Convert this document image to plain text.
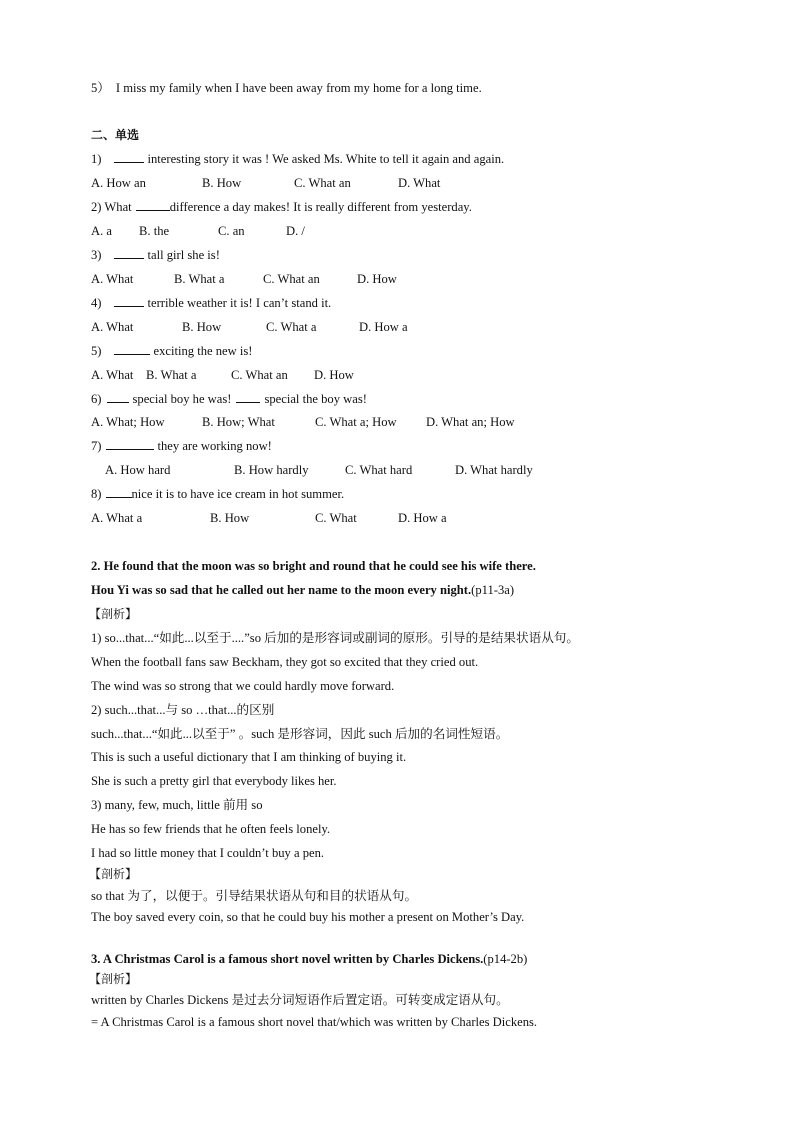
5） I miss my family when I have been away from my home for a long time.
二、单选
1)	interesting story it was ! We asked Ms. White to tell it again and again.
A. How an	B. How	C. What an	D. What
2) What	difference a day makes! It is really different from yesterday.
A. a B. the	C. an	D. /
3)	tall girl she is!
A. What	B. What a	C. What an	D. How
4)	terrible weather it is! I can’t stand it.
A. What	B. How	C. What a	D. How a
5)	exciting the new is!
A. What B. What a	C. What an D. How
6) special boy he was!	special the boy was!
A. What; How	B. How; What	C. What a; How D. What an; How
7)	they are working now!
A. How hard	B. How hardly	C. What hard	D. What hardly
8) nice it is to have ice cream in hot summer.
A. What a	B. How	C. What	D. How a
2. He found that the moon was so bright and round that he could see his wife there.
Hou Yi was so sad that he called out her name to the moon every night.(p11-3a)
【剖析】
1) so...that...“如此...以至于....”so 后加的是形容词或副词的原形。引导的是结果状语从句。
When the football fans saw Beckham, they got so excited that they cried out.
The wind was so strong that we could hardly move forward.
2) such...that...与 so …that...的区别
such...that...“如此...以至于” 。such 是形容词，因此 such 后加的名词性短语。
This is such a useful dictionary that I am thinking of buying it.
She is such a pretty girl that everybody likes her.
3) many, few, much, little 前用 so
He has so few friends that he often feels lonely.
I had so little money that I couldn’t buy a pen.
【剖析】
so that 为了，以便于。引导结果状语从句和目的状语从句。
The boy saved every coin, so that he could buy his mother a present on Mother’s Day.
3. A Christmas Carol is a famous short novel written by Charles Dickens.(p14-2b)
【剖析】
written by Charles Dickens 是过去分词短语作后置定语。可转变成定语从句。
= A Christmas Carol is a famous short novel that/which was written by Charles Dickens.
